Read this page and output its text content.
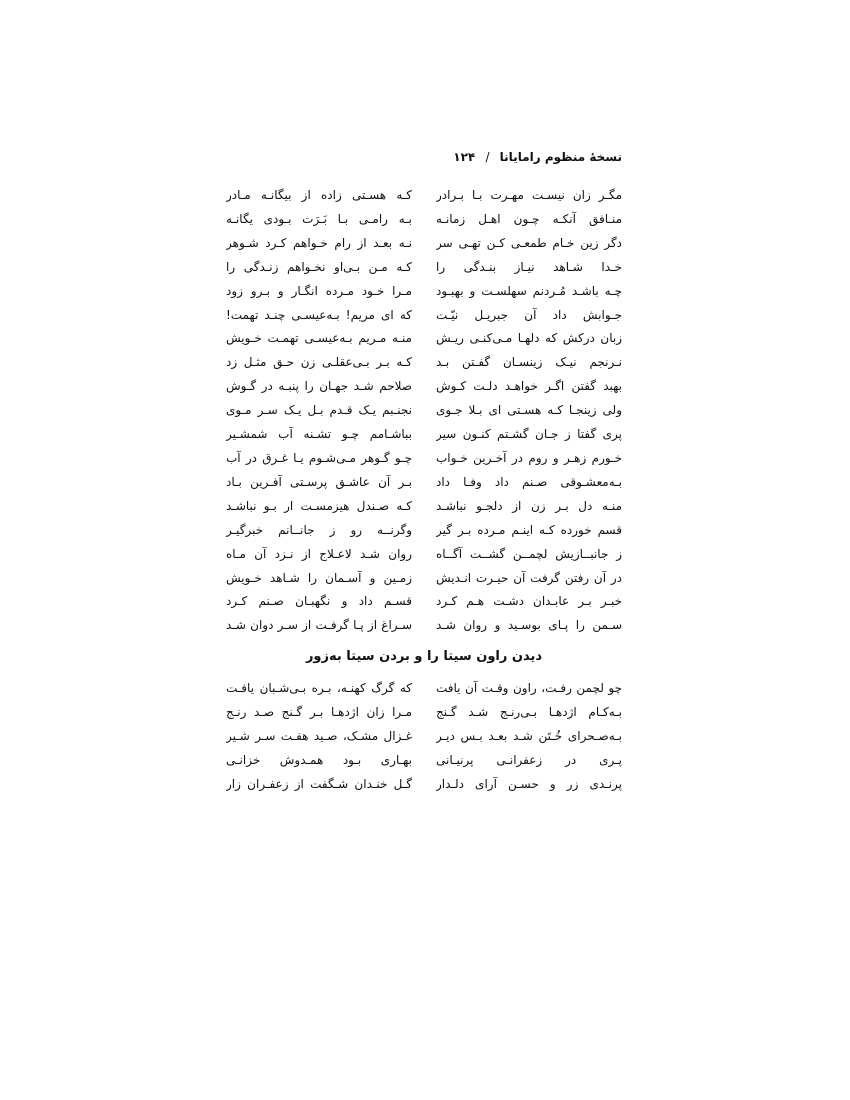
نسخهٔ منظوم رامایانا / ۱۲۴
مگـر زان نیسـت مهـرت بـا بـرادر
کـه هسـتی زاده از بیگانـه مـادر
منـافق آنکـه چـون اهـل زمانـه
بـه رامـی بـا بَـرَت بـودی یگانـه
دگر زین خـام طمعـی کـن تهـی سر
نـه بعـد از رام خـواهم کـرد شـوهر
خـدا شـاهد نیـاز بنـدگی را
کـه مـن بـی‌او نخـواهم زنـدگی را
چـه باشـد مُـردنم سهلسـت و بهبـود
مـرا خـود مـرده انگـار و بـرو زود
جـوابش داد آن جبریـل نیّـت
که ای مریم! بـه‌عیسـی چنـد تهمت!
زبان درکش که دلهـا مـی‌کنـی ریـش
منـه مـریم بـه‌عیسـی تهمـت خـویش
نـرنجم نیـک زینسـان گفـتن بـد
کـه بـر بـی‌عقلـی زن حـق مثـل زد
بهبد گفتن اگـر خواهـد دلـت کـوش
صلاحم شـد جهـان را پنبـه در گـوش
ولی زینجـا کـه هسـتی ای بـلا جـوی
نجنـبم یـک قـدم بـل یـک سـر مـوی
پری گفتا ز جـان گشـتم کنـون سیر
بباشـامم چـو تشـنه آب شمشـیر
خـورم زهـر و روم در آخـرین خـواب
چـو گـوهر مـی‌شـوم یـا غـرق در آب
بـه‌معشـوقی صـنم داد وفـا داد
بـر آن عاشـق پرسـتی آفـرین بـاد
منـه دل بـر زن از دلجـو نباشـد
کـه صـندل هیزمسـت ار بـو نباشـد
قسم خورده کـه اینـم مـرده بـر گیر
وگرنــه رو ز جانــانم خبرگیـر
ز جانبــازیش لچمــن گشــت آگــاه
روان شـد لاعـلاج از نـزد آن مـاه
در آن رفتن گرفت آن حیـرت انـدیش
زمـین و آسـمان را شـاهد خـویش
خبـر بـر عابـدان دشـت هـم کـرد
قسـم داد و نگهبـان صـنم کـرد
سـمن را پـای بوسـید و روان شـد
سـراغ از پـا گرفـت از سـر دوان شـد
دیدن راون سیتا را و بردن سیتا به‌زور
چو لچمن رفـت، راون وقـت آن یافت
که گرگ کهنـه، بـره بـی‌شـبان یافـت
بـه‌کـام اژدهـا بـی‌رنـج شـد گـنج
مـرا زان اژدهـا بـر گـنج صـد رنـج
بـه‌صـحرای خُـتَن شـد بعـد بـس دیـر
غـزال مشـک، صـید هفـت سـر شـیر
پـری در زعفرانـی پرنیـانی
بهـاری بـود همـدوش خزانـی
پرنـدی زر و حسـن آرای دلـدار
گـل خنـدان شـگفت از زعفـران زار
